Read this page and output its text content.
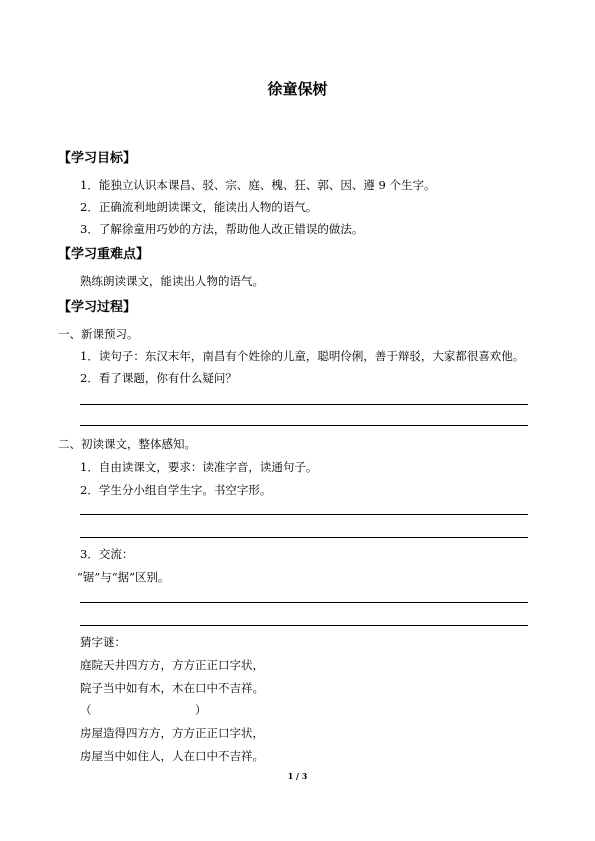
徐童保树
【学习目标】
1．能独立认识本课昌、驳、宗、庭、槐、狂、郭、因、遵 9 个生字。
2．正确流利地朗读课文，能读出人物的语气。
3．了解徐童用巧妙的方法，帮助他人改正错误的做法。
【学习重难点】
熟练朗读课文，能读出人物的语气。
【学习过程】
一、新课预习。
1．读句子：东汉末年，南昌有个姓徐的儿童，聪明伶俐，善于辩驳，大家都很喜欢他。
2．看了课题，你有什么疑问？
二、初读课文，整体感知。
1．自由读课文，要求：读准字音，读通句子。
2．学生分小组自学生字。书空字形。
3．交流：
“锯”与“据”区别。
猜字谜：
庭院天井四方方，方方正正口字状，
院子当中如有木，木在口中不吉祥。
（	）
房屋造得四方方，方方正正口字状，
房屋当中如住人，人在口中不吉祥。
1 / 3
